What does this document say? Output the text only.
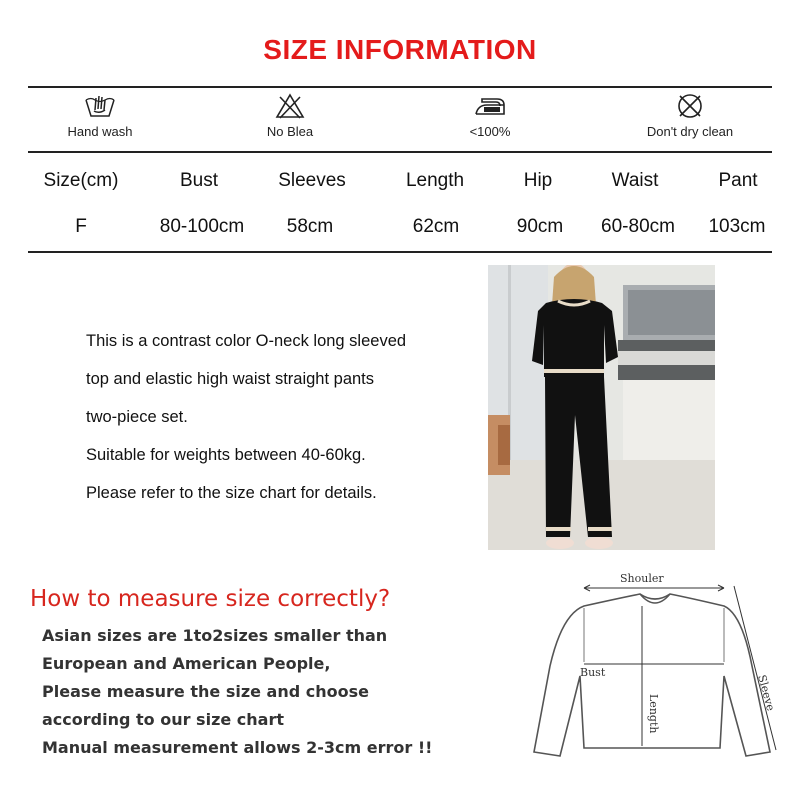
SIZE INFORMATION
Hand wash	No Blea	<100%	Don't dry clean
Size(cm)	Bust	Sleeves	Length	Hip	Waist	Pant
F	80-100cm 58cm	62cm	90cm 60-80cm 103cm
This is a contrast color O-neck long sleeved
top and elastic high waist straight pants
two-piece set.
Suitable for weights between 40-60kg.
Please refer to the size chart for details.
How to measure size correctly?
Asian sizes are 1to2sizes smaller than
European and American People,
Please measure the size and choose
according to our size chart
Manual measurement allows 2-3cm error !!
Shouler
Bust
Length
Sleeve
